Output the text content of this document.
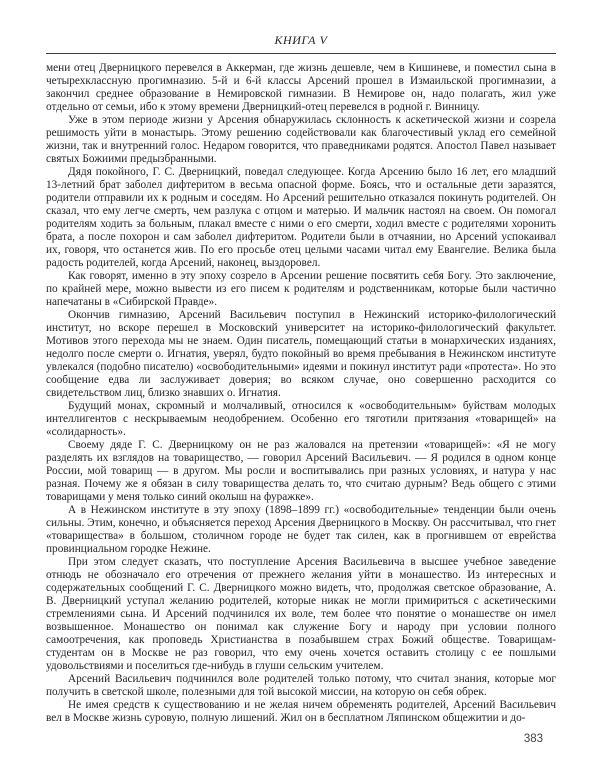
КНИГА V

мени отец Дверницкого перевелся в Аккерман, где жизнь дешевле, чем в Кишиневе, и поместил сына в четырехклассную прогимназию. 5-й и 6-й классы Арсений прошел в Измаильской прогимназии, а закончил среднее образование в Немировской гимназии. В Немирове он, надо полагать, жил уже отдельно от семьи, ибо к этому времени Дверницкий-отец перевелся в родной г. Винницу.

Уже в этом периоде жизни у Арсения обнаружилась склонность к аскетической жизни и созрела решимость уйти в монастырь. Этому решению содействовали как благочестивый уклад его семейной жизни, так и внутренний голос. Недаром говорится, что праведниками родятся. Апостол Павел называет святых Божиими предызбранными.

Дядя покойного, Г. С. Дверницкий, поведал следующее. Когда Арсению было 16 лет, его младший 13-летний брат заболел дифтеритом в весьма опасной форме. Боясь, что и остальные дети заразятся, родители отправили их к родным и соседям. Но Арсений решительно отказался покинуть родителей. Он сказал, что ему легче смерть, чем разлука с отцом и матерью. И мальчик настоял на своем. Он помогал родителям ходить за больным, плакал вместе с ними о его смерти, ходил вместе с родителями хоронить брата, а после похорон и сам заболел дифтеритом. Родители были в отчаянии, но Арсений успокаивал их, говоря, что останется жив. По его просьбе отец целыми часами читал ему Евангелие. Велика была радость родителей, когда Арсений, наконец, выздоровел.

Как говорят, именно в эту эпоху созрело в Арсении решение посвятить себя Богу. Это заключение, по крайней мере, можно вывести из его писем к родителям и родственникам, которые были частично напечатаны в «Сибирской Правде».

Окончив гимназию, Арсений Васильевич поступил в Нежинский историко-филологический институт, но вскоре перешел в Московский университет на историко-филологический факультет. Мотивов этого перехода мы не знаем. Один писатель, помещающий статьи в монархических изданиях, недолго после смерти о. Игнатия, уверял, будто покойный во время пребывания в Нежинском институте увлекался (подобно писателю) «освободительными» идеями и покинул институт ради «протеста». Но это сообщение едва ли заслуживает доверия; во всяком случае, оно совершенно расходится со свидетельством лиц, близко знавших о. Игнатия.

Будущий монах, скромный и молчаливый, относился к «освободительным» буйствам молодых интеллигентов с нескрываемым неодобрением. Особенно его тяготили притязания «товарищей» на «солидарность».

Своему дяде Г. С. Дверницкому он не раз жаловался на претензии «товарищей»: «Я не могу разделять их взглядов на товарищество, — говорил Арсений Васильевич. — Я родился в одном конце России, мой товарищ — в другом. Мы росли и воспитывались при разных условиях, и натура у нас разная. Почему же я обязан в силу товарищества делать то, что считаю дурным? Ведь общего с этими товарищами у меня только синий околыш на фуражке».

А в Нежинском институте в эту эпоху (1898–1899 гг.) «освободительные» тенденции были очень сильны. Этим, конечно, и объясняется переход Арсения Дверницкого в Москву. Он рассчитывал, что гнет «товарищества» в большом, столичном городе не будет так силен, как в прогнившем от еврейства провинциальном городке Нежине.

При этом следует сказать, что поступление Арсения Васильевича в высшее учебное заведение отнюдь не обозначало его отречения от прежнего желания уйти в монашество. Из интересных и содержательных сообщений Г. С. Дверницкого можно видеть, что, продолжая светское образование, А. В. Дверницкий уступал желанию родителей, которые никак не могли примириться с аскетическими стремлениями сына. И Арсений подчинился их воле, тем более что понятие о монашестве он имел возвышенное. Монашество он понимал как служение Богу и народу при условии полного самоотречения, как проповедь Христианства в позабывшем страх Божий обществе. Товарищам-студентам он в Москве не раз говорил, что ему очень хочется оставить столицу с ее пошлыми удовольствиями и поселиться где-нибудь в глуши сельским учителем.

Арсений Васильевич подчинился воле родителей только потому, что считал знания, которые мог получить в светской школе, полезными для той высокой миссии, на которую он себя обрек.

Не имея средств к существованию и не желая ничем обременять родителей, Арсений Васильевич вел в Москве жизнь суровую, полную лишений. Жил он в бесплатном Ляпинском общежитии и до-

383
